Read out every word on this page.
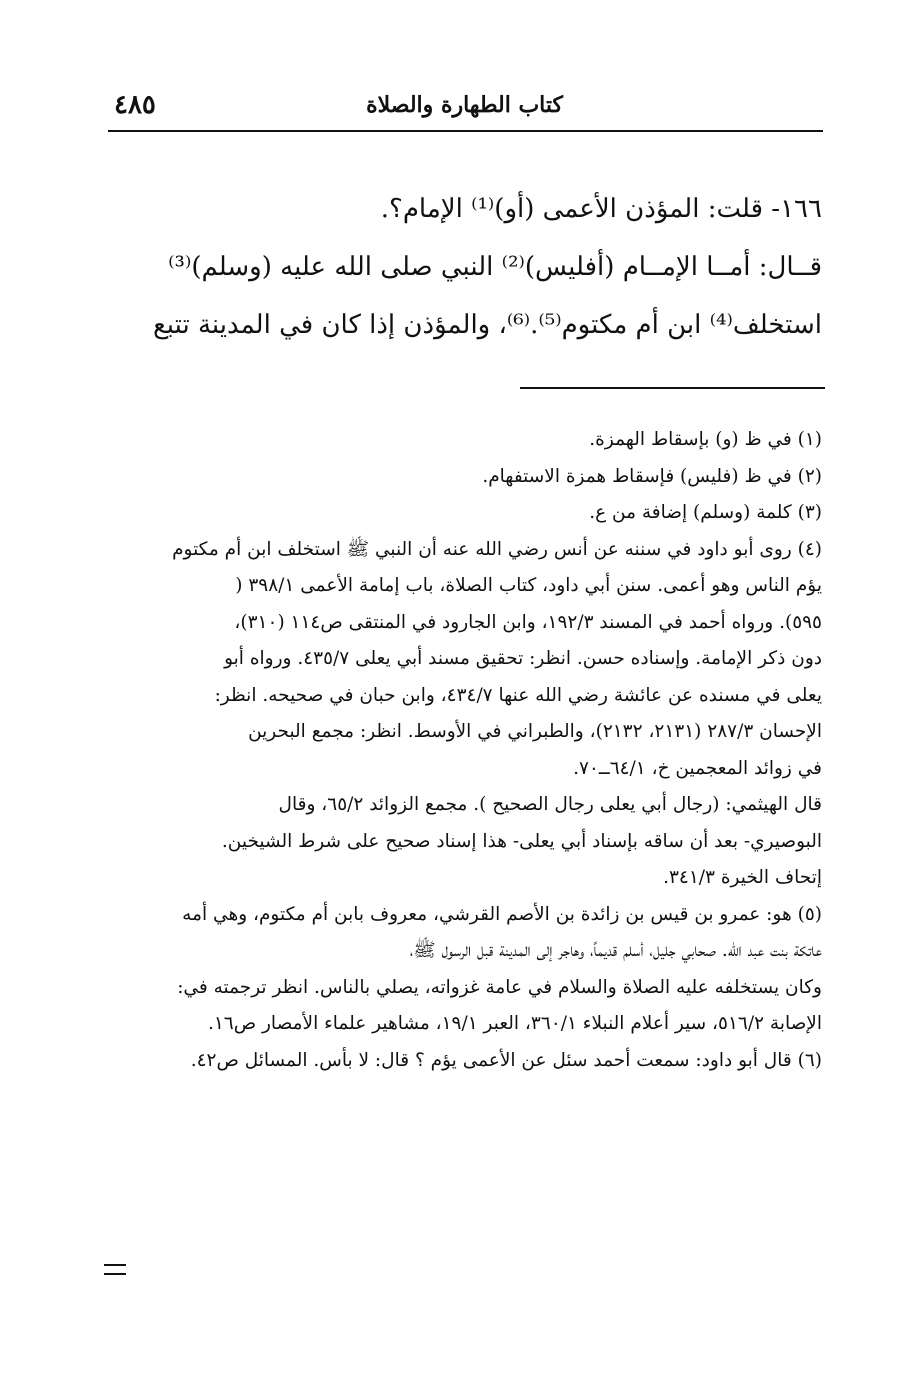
كتاب الطهارة والصلاة
٤٨٥
١٦٦- قلت: المؤذن الأعمى (أو)⁽¹⁾ الإمام؟.
قــال: أمــا الإمــام (أفليس)⁽²⁾ النبي صلى الله عليه (وسلم)⁽³⁾
استخلف⁽⁴⁾ ابن أم مكتوم⁽⁵⁾.⁽⁶⁾، والمؤذن إذا كان في المدينة تتبع
(١) في ظ (و) بإسقاط الهمزة.
(٢) في ظ (فليس) فإسقاط همزة الاستفهام.
(٣) كلمة (وسلم) إضافة من ع.
(٤) روى أبو داود في سننه عن أنس رضي الله عنه أن النبي ﷺ استخلف ابن أم مكتوم
يؤم الناس وهو أعمى. سنن أبي داود، كتاب الصلاة، باب إمامة الأعمى ٣٩٨/١ (
٥٩٥). ورواه أحمد في المسند ١٩٢/٣، وابن الجارود في المنتقى ص١١٤ (٣١٠)،
دون ذكر الإمامة. وإسناده حسن. انظر: تحقيق مسند أبي يعلى ٤٣٥/٧. ورواه أبو
يعلى في مسنده عن عائشة رضي الله عنها ٤٣٤/٧، وابن حبان في صحيحه. انظر:
الإحسان ٢٨٧/٣ (٢١٣١، ٢١٣٢)، والطبراني في الأوسط. انظر: مجمع البحرين
في زوائد المعجمين خ، ٦٤/١ــ٧٠.
قال الهيثمي: (رجال أبي يعلى رجال الصحيح ). مجمع الزوائد ٦٥/٢، وقال
البوصيري- بعد أن ساقه بإسناد أبي يعلى- هذا إسناد صحيح على شرط الشيخين.
إتحاف الخيرة ٣٤١/٣.
(٥) هو: عمرو بن قيس بن زائدة بن الأصم القرشي، معروف بابن أم مكتوم، وهي أمه
عاتكة بنت عبد الله. صحابي جليل، أسلم قديماً، وهاجر إلى المدينة قبل الرسول ﷺ،
وكان يستخلفه عليه الصلاة والسلام في عامة غزواته، يصلي بالناس. انظر ترجمته في:
الإصابة ٥١٦/٢، سير أعلام النبلاء ٣٦٠/١، العبر ١٩/١، مشاهير علماء الأمصار ص١٦.
(٦) قال أبو داود: سمعت أحمد سئل عن الأعمى يؤم ؟ قال: لا بأس. المسائل ص٤٢.
